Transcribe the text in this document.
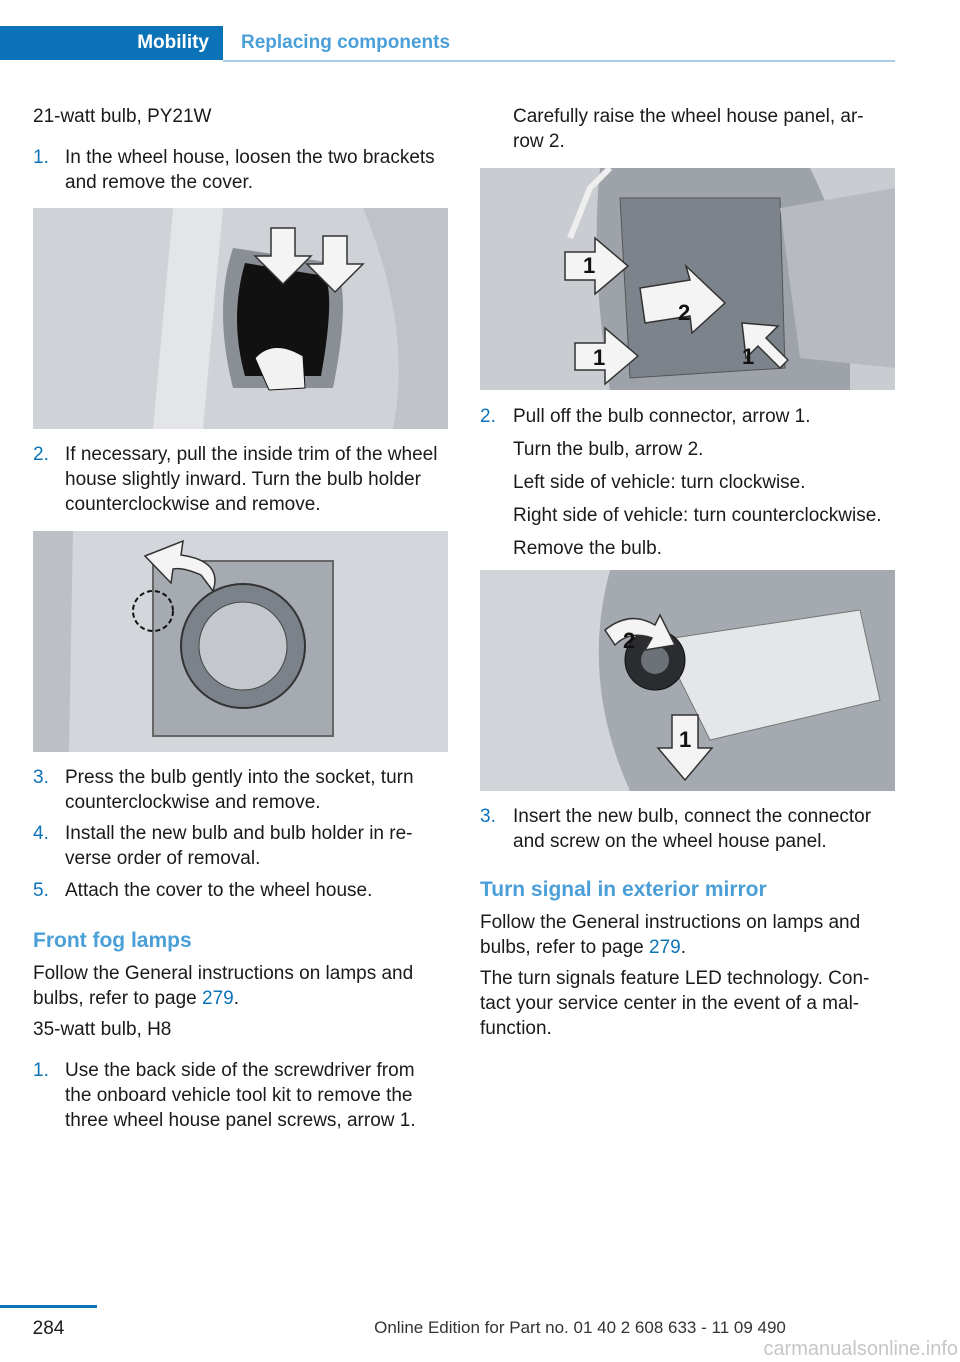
Mobility	Replacing components
21-watt bulb, PY21W
1. In the wheel house, loosen the two brackets
and remove the cover.
2. If necessary, pull the inside trim of the wheel
house slightly inward. Turn the bulb holder
counterclockwise and remove.
3. Press the bulb gently into the socket, turn
counterclockwise and remove.
4. Install the new bulb and bulb holder in re‐
verse order of removal.
5. Attach the cover to the wheel house.
Front fog lamps
Follow the General instructions on lamps and
bulbs, refer to page 279.
35-watt bulb, H8
1. Use the back side of the screwdriver from
the onboard vehicle tool kit to remove the
three wheel house panel screws, arrow 1.
Carefully raise the wheel house panel, ar‐
row 2.
1
2
1	1
2. Pull off the bulb connector, arrow 1.
Turn the bulb, arrow 2.
Left side of vehicle: turn clockwise.
Right side of vehicle: turn counterclockwise.
Remove the bulb.
2
1
3. Insert the new bulb, connect the connector
and screw on the wheel house panel.
Turn signal in exterior mirror
Follow the General instructions on lamps and
bulbs, refer to page 279.
The turn signals feature LED technology. Con‐
tact your service center in the event of a mal‐
function.
284	Online Edition for Part no. 01 40 2 608 633 - 11 09 490
carmanualsonline.info
